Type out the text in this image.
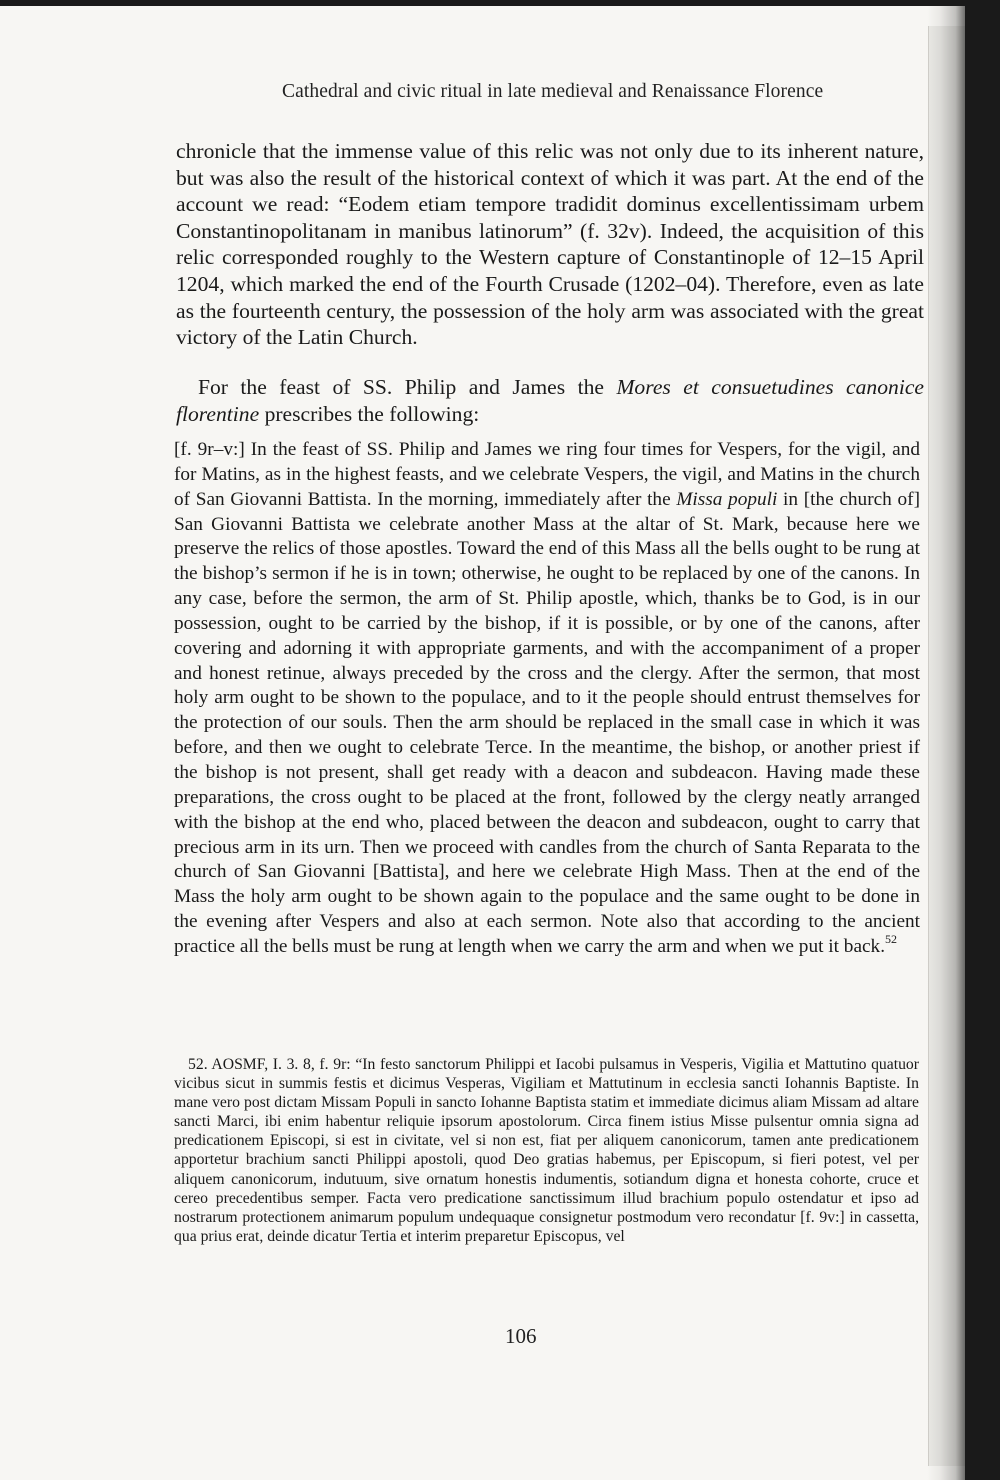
Cathedral and civic ritual in late medieval and Renaissance Florence

chronicle that the immense value of this relic was not only due to its inherent nature, but was also the result of the historical context of which it was part. At the end of the account we read: “Eodem etiam tempore tradidit dominus excellentissimam urbem Constantinopolitanam in manibus latinorum” (f. 32v). Indeed, the acquisition of this relic corresponded roughly to the Western capture of Constantinople of 12–15 April 1204, which marked the end of the Fourth Crusade (1202–04). Therefore, even as late as the fourteenth century, the possession of the holy arm was associated with the great victory of the Latin Church.

For the feast of SS. Philip and James the Mores et consuetudines canonice florentine prescribes the following:

[f. 9r–v:] In the feast of SS. Philip and James we ring four times for Vespers, for the vigil, and for Matins, as in the highest feasts, and we celebrate Vespers, the vigil, and Matins in the church of San Giovanni Battista. In the morning, immediately after the Missa populi in [the church of] San Giovanni Battista we celebrate another Mass at the altar of St. Mark, because here we preserve the relics of those apostles. Toward the end of this Mass all the bells ought to be rung at the bishop’s sermon if he is in town; otherwise, he ought to be replaced by one of the canons. In any case, before the sermon, the arm of St. Philip apostle, which, thanks be to God, is in our possession, ought to be carried by the bishop, if it is possible, or by one of the canons, after covering and adorning it with appropriate garments, and with the accompaniment of a proper and honest retinue, always preceded by the cross and the clergy. After the sermon, that most holy arm ought to be shown to the populace, and to it the people should entrust themselves for the protection of our souls. Then the arm should be replaced in the small case in which it was before, and then we ought to celebrate Terce. In the meantime, the bishop, or another priest if the bishop is not present, shall get ready with a deacon and subdeacon. Having made these preparations, the cross ought to be placed at the front, followed by the clergy neatly arranged with the bishop at the end who, placed between the deacon and subdeacon, ought to carry that precious arm in its urn. Then we proceed with candles from the church of Santa Reparata to the church of San Giovanni [Battista], and here we celebrate High Mass. Then at the end of the Mass the holy arm ought to be shown again to the populace and the same ought to be done in the evening after Vespers and also at each sermon. Note also that according to the ancient practice all the bells must be rung at length when we carry the arm and when we put it back.$^{52}$

52. AOSMF, I. 3. 8, f. 9r: “In festo sanctorum Philippi et Iacobi pulsamus in Vesperis, Vigilia et Mattutino quatuor vicibus sicut in summis festis et dicimus Vesperas, Vigiliam et Mattutinum in ecclesia sancti Iohannis Baptiste. In mane vero post dictam Missam Populi in sancto Iohanne Baptista statim et immediate dicimus aliam Missam ad altare sancti Marci, ibi enim habentur reliquie ipsorum apostolorum. Circa finem istius Misse pulsentur omnia signa ad predicationem Episcopi, si est in civitate, vel si non est, fiat per aliquem canonicorum, tamen ante predicationem apportetur brachium sancti Philippi apostoli, quod Deo gratias habemus, per Episcopum, si fieri potest, vel per aliquem canonicorum, indutuum, sive ornatum honestis indumentis, sotiandum digna et honesta cohorte, cruce et cereo precedentibus semper. Facta vero predicatione sanctissimum illud brachium populo ostendatur et ipso ad nostrarum protectionem animarum populum undequaque consignetur postmodum vero recondatur [f. 9v:] in cassetta, qua prius erat, deinde dicatur Tertia et interim preparetur Episcopus, vel

106
